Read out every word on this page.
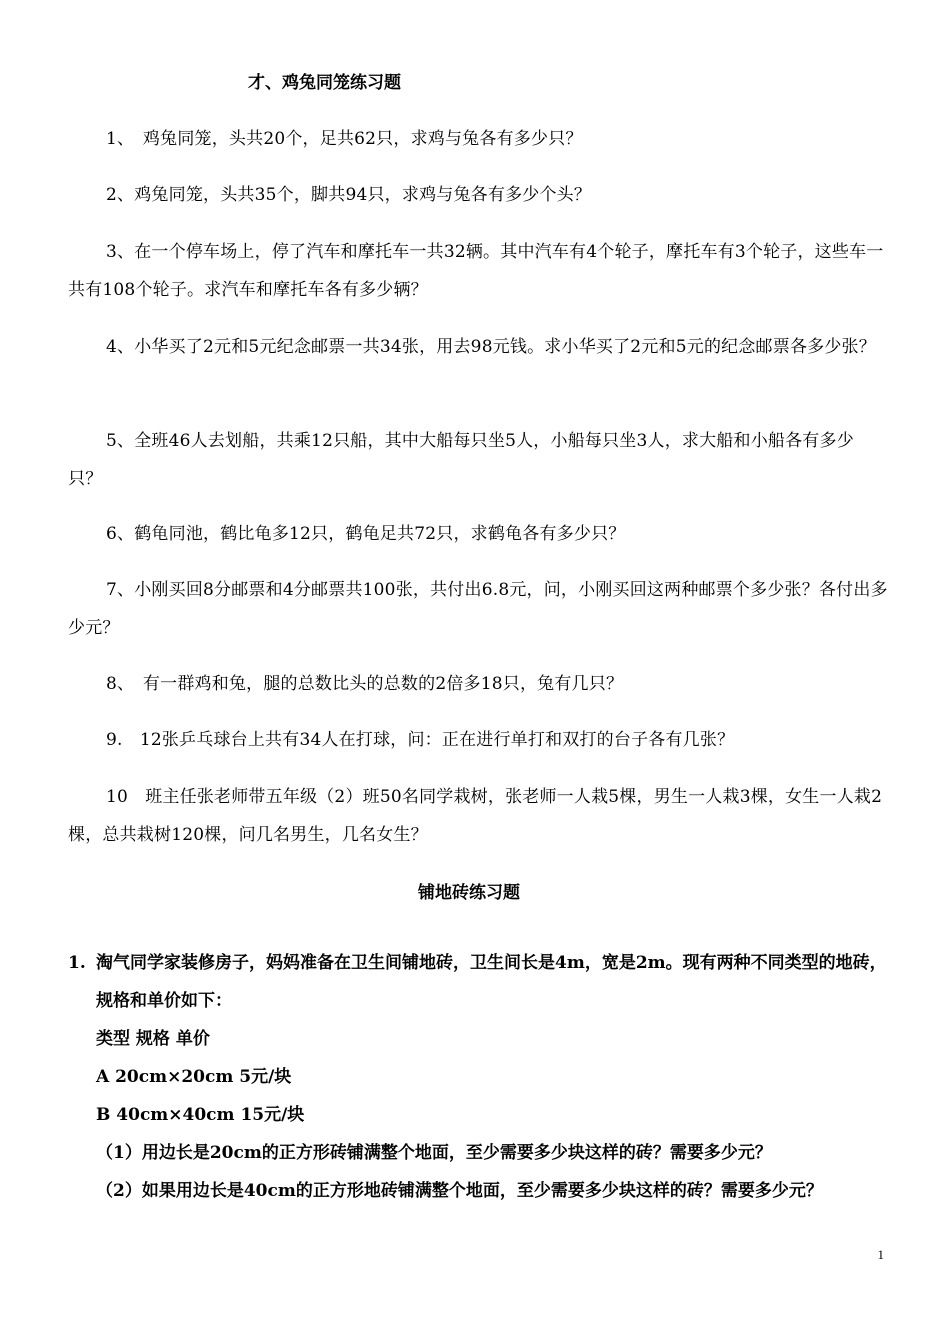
才、鸡兔同笼练习题
1、　鸡兔同笼，头共20个，足共62只，求鸡与兔各有多少只？
2、鸡兔同笼，头共35个，脚共94只，求鸡与兔各有多少个头？
3、在一个停车场上，停了汽车和摩托车一共32辆。其中汽车有4个轮子，摩托车有3个轮子，这些车一共有108个轮子。求汽车和摩托车各有多少辆？
4、小华买了2元和5元纪念邮票一共34张，用去98元钱。求小华买了2元和5元的纪念邮票各多少张？
5、全班46人去划船，共乘12只船，其中大船每只坐5人，小船每只坐3人，求大船和小船各有多少只？
6、鹤龟同池，鹤比龟多12只，鹤龟足共72只，求鹤龟各有多少只？
7、小刚买回8分邮票和4分邮票共100张，共付出6.8元，问，小刚买回这两种邮票个多少张？各付出多少元？
8、　有一群鸡和兔，腿的总数比头的总数的2倍多18只，兔有几只？
9.　12张乒乓球台上共有34人在打球，问：正在进行单打和双打的台子各有几张？
10　班主任张老师带五年级（2）班50名同学栽树，张老师一人栽5棵，男生一人栽3棵，女生一人栽2棵，总共栽树120棵，问几名男生，几名女生？
铺地砖练习题
1. 淘气同学家装修房子，妈妈准备在卫生间铺地砖，卫生间长是4m，宽是2m。现有两种不同类型的地砖，规格和单价如下：
类型 规格 单价
A 20cm×20cm 5元/块
B 40cm×40cm 15元/块
（1）用边长是20cm的正方形砖铺满整个地面，至少需要多少块这样的砖？需要多少元？
（2）如果用边长是40cm的正方形地砖铺满整个地面，至少需要多少块这样的砖？需要多少元？
1
